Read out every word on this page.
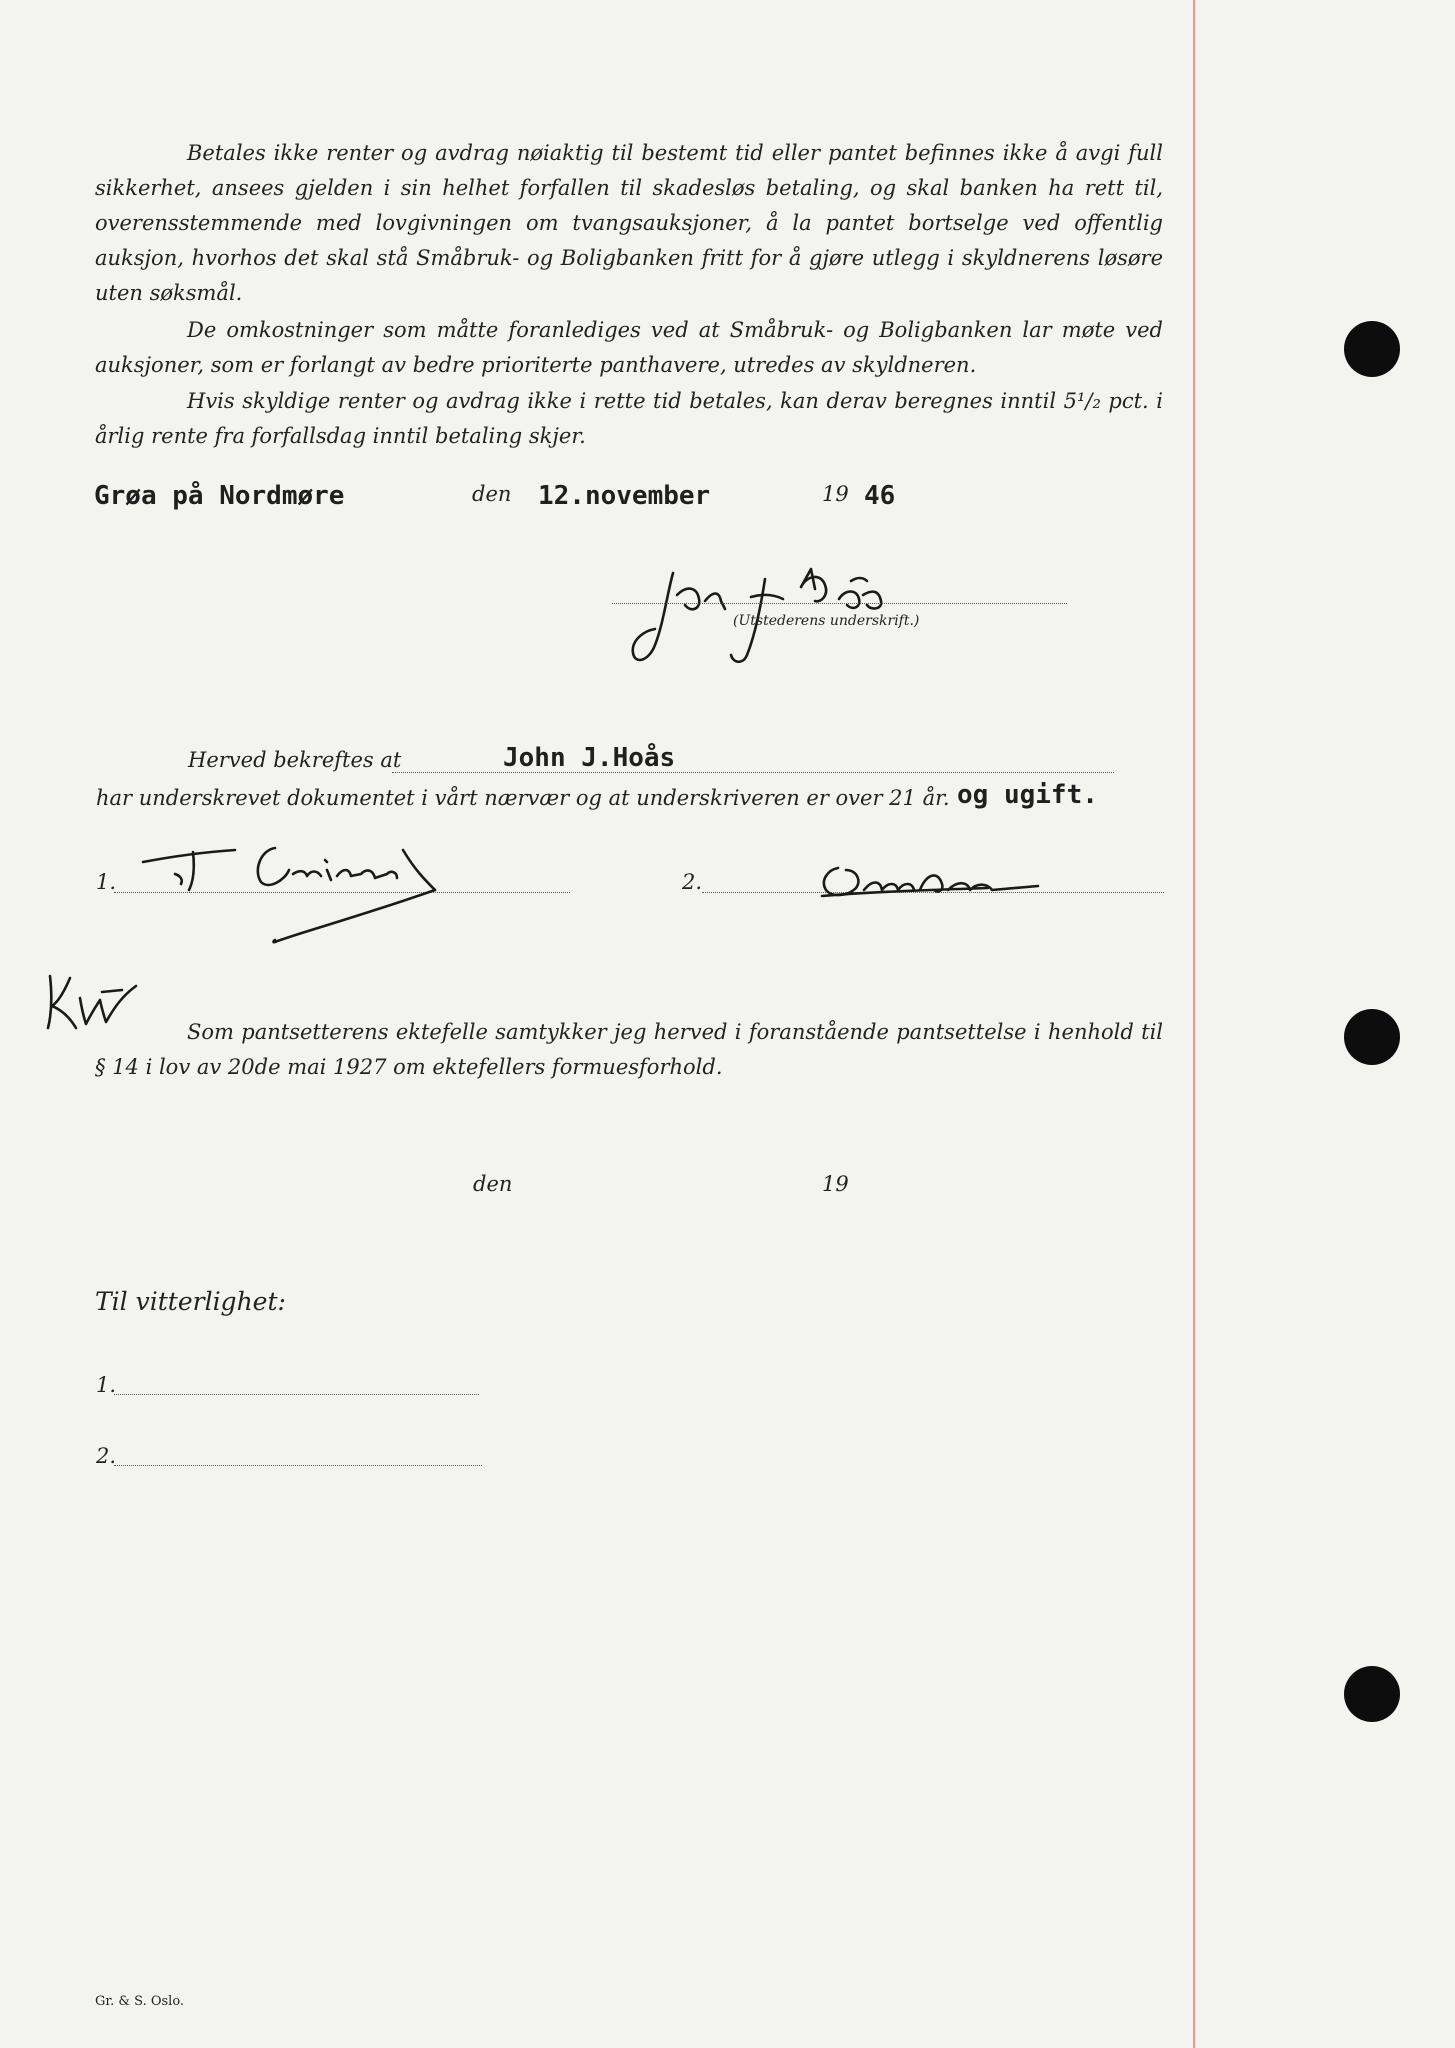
Betales ikke renter og avdrag nøiaktig til bestemt tid eller pantet befinnes ikke å avgi full sikkerhet, ansees gjelden i sin helhet forfallen til skadesløs betaling, og skal banken ha rett til, overensstemmende med lovgivningen om tvangsauksjoner, å la pantet bortselge ved offentlig auksjon, hvorhos det skal stå Småbruk- og Boligbanken fritt for å gjøre utlegg i skyldnerens løsøre uten søksmål.

De omkostninger som måtte foranlediges ved at Småbruk- og Boligbanken lar møte ved auksjoner, som er forlangt av bedre prioriterte panthavere, utredes av skyldneren.

Hvis skyldige renter og avdrag ikke i rette tid betales, kan derav beregnes inntil 5¹/₂ pct. i årlig rente fra forfallsdag inntil betaling skjer.

Grøa på Nordmøre	den 12.november	19 46
(Utstederens underskrift.)
Herved bekreftes at	John J.Hoås
har underskrevet dokumentet i vårt nærvær og at underskriveren er over 21 år. og ugift.
1.	2.

Som pantsetterens ektefelle samtykker jeg herved i foranstående pantsettelse i henhold til § 14 i lov av 20de mai 1927 om ektefellers formuesforhold.

den	19
Til vitterlighet:
1.
2.
Gr. & S. Oslo.
